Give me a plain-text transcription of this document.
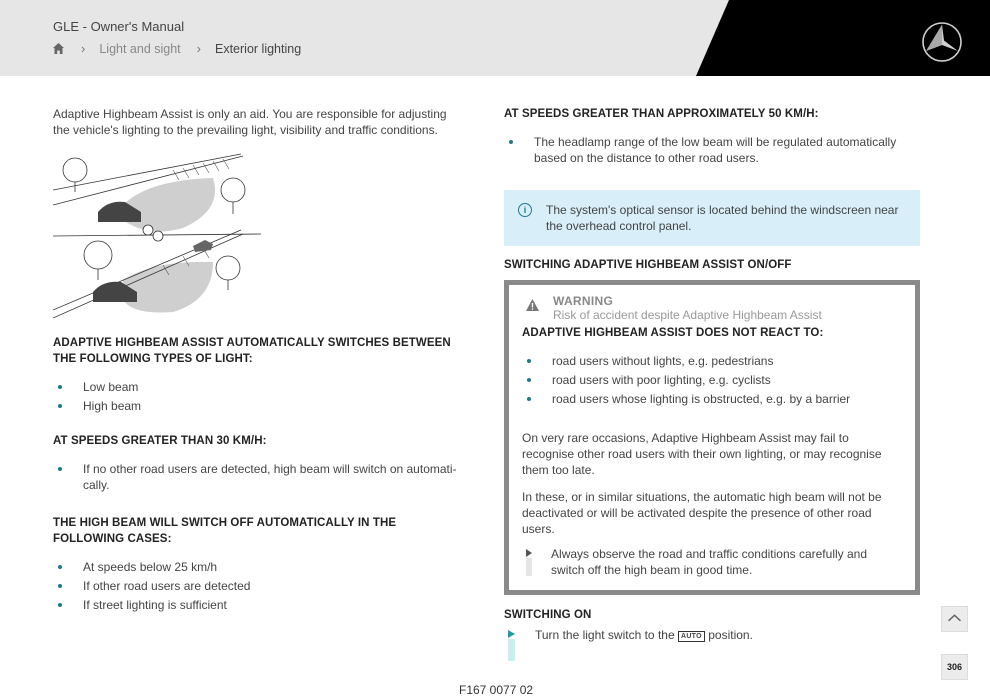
GLE - Owner's Manual
› Light and sight › Exterior lighting

Adaptive Highbeam Assist is only an aid. You are responsible for adjusting the vehicle's lighting to the prevailing light, visibility and traffic conditions.

ADAPTIVE HIGHBEAM ASSIST AUTOMATICALLY SWITCHES BETWEEN THE FOLLOWING TYPES OF LIGHT:
Low beam
High beam
AT SPEEDS GREATER THAN 30 KM/H:
If no other road users are detected, high beam will switch on automati-cally.
THE HIGH BEAM WILL SWITCH OFF AUTOMATICALLY IN THE FOLLOWING CASES:
At speeds below 25 km/h
If other road users are detected
If street lighting is sufficient
AT SPEEDS GREATER THAN APPROXIMATELY 50 KM/H:
The headlamp range of the low beam will be regulated automatically based on the distance to other road users.
i	The system's optical sensor is located behind the windscreen near the overhead control panel.

SWITCHING ADAPTIVE HIGHBEAM ASSIST ON/OFF
WARNING
Risk of accident despite Adaptive Highbeam Assist
ADAPTIVE HIGHBEAM ASSIST DOES NOT REACT TO:
road users without lights, e.g. pedestrians
road users with poor lighting, e.g. cyclists
road users whose lighting is obstructed, e.g. by a barrier

On very rare occasions, Adaptive Highbeam Assist may fail to recognise other road users with their own lighting, or may recognise them too late.

In these, or in similar situations, the automatic high beam will not be deactivated or will be activated despite the presence of other road users.

Always observe the road and traffic conditions carefully and switch off the high beam in good time.

SWITCHING ON

Turn the light switch to the AUTO position.

306
F167 0077 02
